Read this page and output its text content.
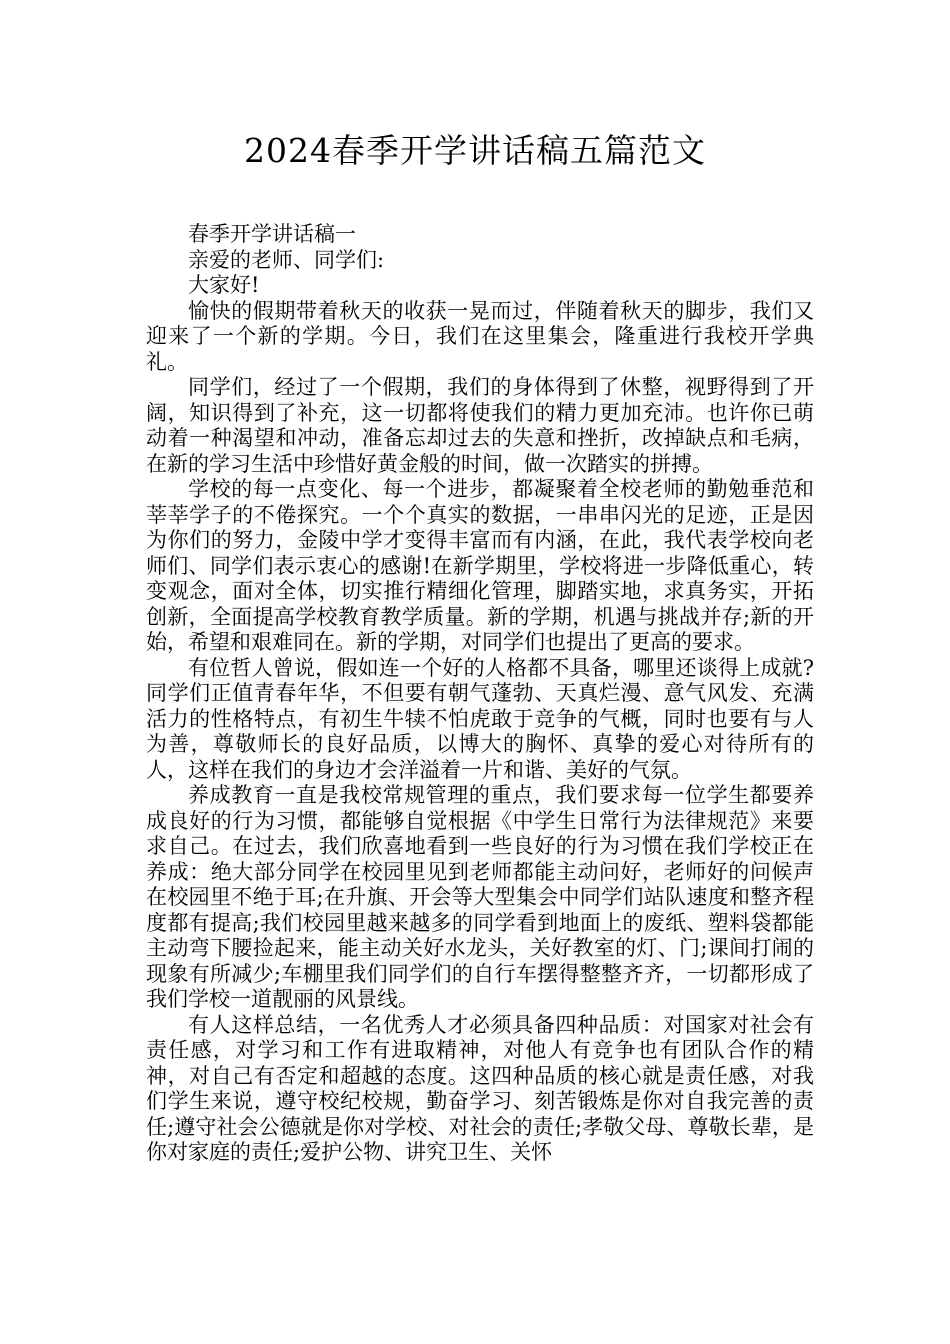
2024春季开学讲话稿五篇范文

春季开学讲话稿一

亲爱的老师、同学们:

大家好!

愉快的假期带着秋天的收获一晃而过，伴随着秋天的脚步，我们又迎来了一个新的学期。今日，我们在这里集会，隆重进行我校开学典礼。

同学们，经过了一个假期，我们的身体得到了休整，视野得到了开阔，知识得到了补充，这一切都将使我们的精力更加充沛。也许你已萌动着一种渴望和冲动，准备忘却过去的失意和挫折，改掉缺点和毛病，在新的学习生活中珍惜好黄金般的时间，做一次踏实的拼搏。

学校的每一点变化、每一个进步，都凝聚着全校老师的勤勉垂范和莘莘学子的不倦探究。一个个真实的数据，一串串闪光的足迹，正是因为你们的努力，金陵中学才变得丰富而有内涵，在此，我代表学校向老师们、同学们表示衷心的感谢!在新学期里，学校将进一步降低重心，转变观念，面对全体，切实推行精细化管理，脚踏实地，求真务实，开拓创新，全面提高学校教育教学质量。新的学期，机遇与挑战并存;新的开始，希望和艰难同在。新的学期，对同学们也提出了更高的要求。

有位哲人曾说，假如连一个好的人格都不具备，哪里还谈得上成就?同学们正值青春年华，不但要有朝气蓬勃、天真烂漫、意气风发、充满活力的性格特点，有初生牛犊不怕虎敢于竞争的气概，同时也要有与人为善，尊敬师长的良好品质，以博大的胸怀、真挚的爱心对待所有的人，这样在我们的身边才会洋溢着一片和谐、美好的气氛。

养成教育一直是我校常规管理的重点，我们要求每一位学生都要养成良好的行为习惯，都能够自觉根据《中学生日常行为法律规范》来要求自己。在过去，我们欣喜地看到一些良好的行为习惯在我们学校正在养成：绝大部分同学在校园里见到老师都能主动问好，老师好的问候声在校园里不绝于耳;在升旗、开会等大型集会中同学们站队速度和整齐程度都有提高;我们校园里越来越多的同学看到地面上的废纸、塑料袋都能主动弯下腰捡起来，能主动关好水龙头，关好教室的灯、门;课间打闹的现象有所减少;车棚里我们同学们的自行车摆得整整齐齐，一切都形成了我们学校一道靓丽的风景线。

有人这样总结，一名优秀人才必须具备四种品质：对国家对社会有责任感，对学习和工作有进取精神，对他人有竞争也有团队合作的精神，对自己有否定和超越的态度。这四种品质的核心就是责任感，对我们学生来说，遵守校纪校规，勤奋学习、刻苦锻炼是你对自我完善的责任;遵守社会公德就是你对学校、对社会的责任;孝敬父母、尊敬长辈，是你对家庭的责任;爱护公物、讲究卫生、关怀
